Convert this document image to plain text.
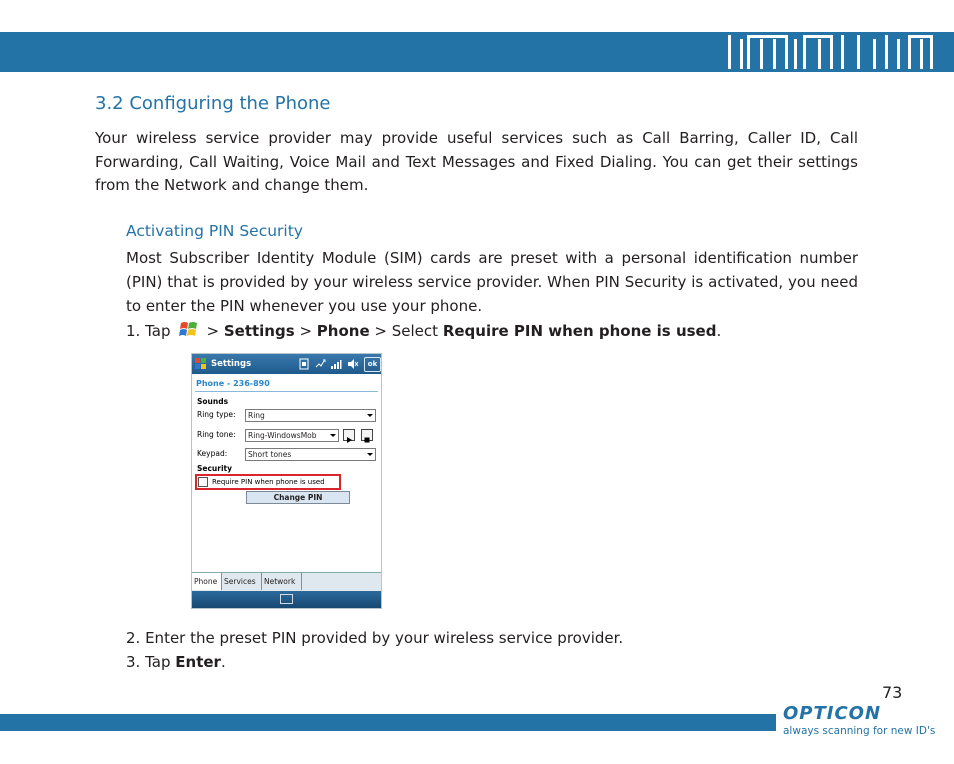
3.2 Configuring the Phone
Your wireless service provider may provide useful services such as Call Barring, Caller ID, Call Forwarding, Call Waiting, Voice Mail and Text Messages and Fixed Dialing. You can get their settings from the Network and change them.
Activating PIN Security
Most Subscriber Identity Module (SIM) cards are preset with a personal identification number (PIN) that is provided by your wireless service provider. When PIN Security is activated, you need to enter the PIN whenever you use your phone.
1. Tap > Settings > Phone > Select Require PIN when phone is used.
Settings	ok
Phone - 236-890
Sounds
Ring type:	Ring
Ring tone:	Ring-WindowsMob
Keypad:	Short tones
Security
Require PIN when phone is used
Change PIN
Phone Services	Network
2. Enter the preset PIN provided by your wireless service provider.
3. Tap Enter.
73
OPTICON
always scanning for new ID's
